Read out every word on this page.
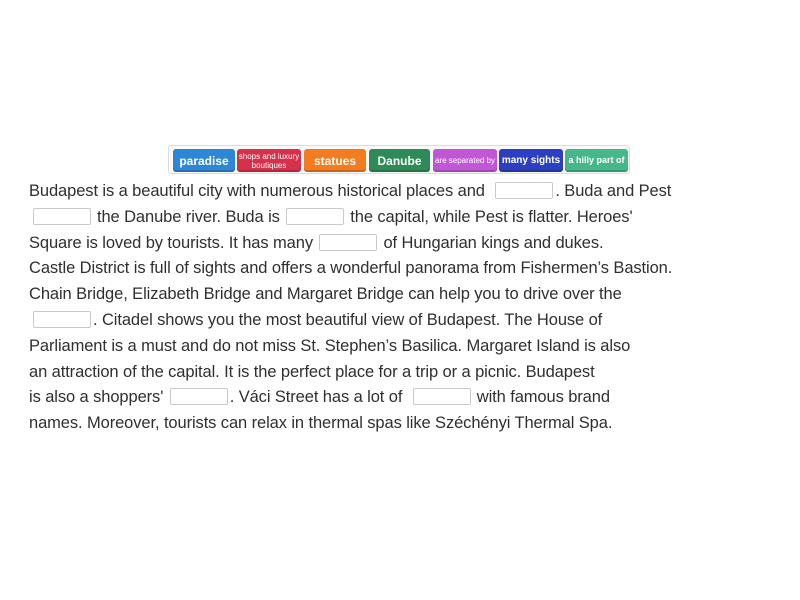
paradise shops and luxury boutiques	statues Danube are separated by many sights a hilly part of
Budapest is a beautiful city with numerous historical places and	. Buda and Pest
the Danube river. Buda is	the capital, while Pest is flatter. Heroes'
Square is loved by tourists. It has many	of Hungarian kings and dukes.
Castle District is full of sights and offers a wonderful panorama from Fishermen’s Bastion.
Chain Bridge, Elizabeth Bridge and Margaret Bridge can help you to drive over the
. Citadel shows you the most beautiful view of Budapest. The House of
Parliament is a must and do not miss St. Stephen’s Basilica. Margaret Island is also
an attraction of the capital. It is the perfect place for a trip or a picnic. Budapest
is also a shoppers'	. Váci Street has a lot of	with famous brand
names. Moreover, tourists can relax in thermal spas like Széchényi Thermal Spa.
